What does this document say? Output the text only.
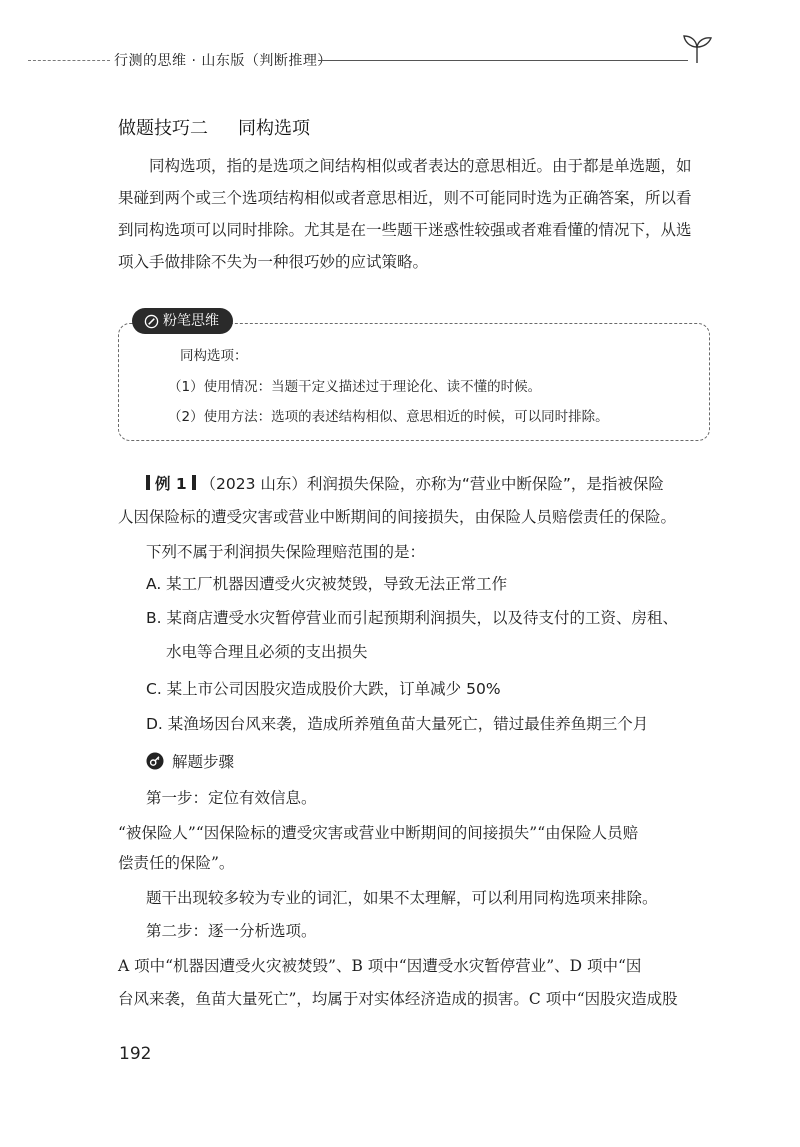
行测的思维 · 山东版（判断推理）
做题技巧二 同构选项
同构选项，指的是选项之间结构相似或者表达的意思相近。由于都是单选题，如
果碰到两个或三个选项结构相似或者意思相近，则不可能同时选为正确答案，所以看
到同构选项可以同时排除。尤其是在一些题干迷惑性较强或者难看懂的情况下，从选
项入手做排除不失为一种很巧妙的应试策略。
粉笔思维
同构选项：
（1）使用情况：当题干定义描述过于理论化、读不懂的时候。
（2）使用方法：选项的表述结构相似、意思相近的时候，可以同时排除。
例 1 （2023 山东）利润损失保险，亦称为“营业中断保险”，是指被保险
人因保险标的遭受灾害或营业中断期间的间接损失，由保险人员赔偿责任的保险。
下列不属于利润损失保险理赔范围的是：
A. 某工厂机器因遭受火灾被焚毁，导致无法正常工作
B. 某商店遭受水灾暂停营业而引起预期利润损失，以及待支付的工资、房租、
水电等合理且必须的支出损失
C. 某上市公司因股灾造成股价大跌，订单减少 50%
D. 某渔场因台风来袭，造成所养殖鱼苗大量死亡，错过最佳养鱼期三个月
解题步骤
第一步：定位有效信息。
“被保险人”“因保险标的遭受灾害或营业中断期间的间接损失”“由保险人员赔
偿责任的保险”。
题干出现较多较为专业的词汇，如果不太理解，可以利用同构选项来排除。
第二步：逐一分析选项。
A 项中“机器因遭受火灾被焚毁”、B 项中“因遭受水灾暂停营业”、D 项中“因
台风来袭，鱼苗大量死亡”，均属于对实体经济造成的损害。C 项中“因股灾造成股
192
